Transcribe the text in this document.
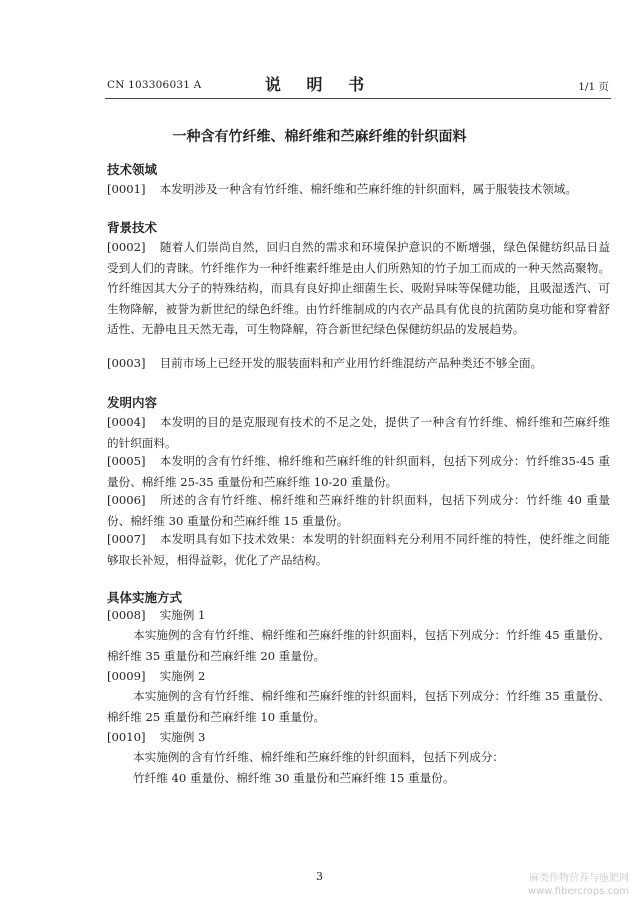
CN 103306031 A	说 明 书	1/1 页
一种含有竹纤维、棉纤维和苎麻纤维的针织面料
技术领域
[0001] 本发明涉及一种含有竹纤维、棉纤维和苎麻纤维的针织面料，属于服装技术领域。
背景技术
[0002] 随着人们崇尚自然，回归自然的需求和环境保护意识的不断增强，绿色保健纺织品日益受到人们的青睐。竹纤维作为一种纤维素纤维是由人们所熟知的竹子加工而成的一种天然高聚物。竹纤维因其大分子的特殊结构，而具有良好抑止细菌生长、吸附异味等保健功能，且吸湿透汽、可生物降解，被誉为新世纪的绿色纤维。由竹纤维制成的内衣产品具有优良的抗菌防臭功能和穿着舒适性、无静电且天然无毒，可生物降解，符合新世纪绿色保健纺织品的发展趋势。
[0003] 目前市场上已经开发的服装面料和产业用竹纤维混纺产品种类还不够全面。
发明内容
[0004] 本发明的目的是克服现有技术的不足之处，提供了一种含有竹纤维、棉纤维和苎麻纤维的针织面料。
[0005] 本发明的含有竹纤维、棉纤维和苎麻纤维的针织面料，包括下列成分：竹纤维35-45 重量份、棉纤维 25-35 重量份和苎麻纤维 10-20 重量份。
[0006] 所述的含有竹纤维、棉纤维和苎麻纤维的针织面料，包括下列成分：竹纤维 40 重量份、棉纤维 30 重量份和苎麻纤维 15 重量份。
[0007] 本发明具有如下技术效果：本发明的针织面料充分利用不同纤维的特性，使纤维之间能够取长补短，相得益彰，优化了产品结构。
具体实施方式
[0008] 实施例 1
本实施例的含有竹纤维、棉纤维和苎麻纤维的针织面料，包括下列成分：竹纤维 45 重量份、棉纤维 35 重量份和苎麻纤维 20 重量份。
[0009] 实施例 2
本实施例的含有竹纤维、棉纤维和苎麻纤维的针织面料，包括下列成分：竹纤维 35 重量份、棉纤维 25 重量份和苎麻纤维 10 重量份。
[0010] 实施例 3
本实施例的含有竹纤维、棉纤维和苎麻纤维的针织面料，包括下列成分：
竹纤维 40 重量份、棉纤维 30 重量份和苎麻纤维 15 重量份。
3	麻类作物营养与施肥网
www.fibercrops.com
